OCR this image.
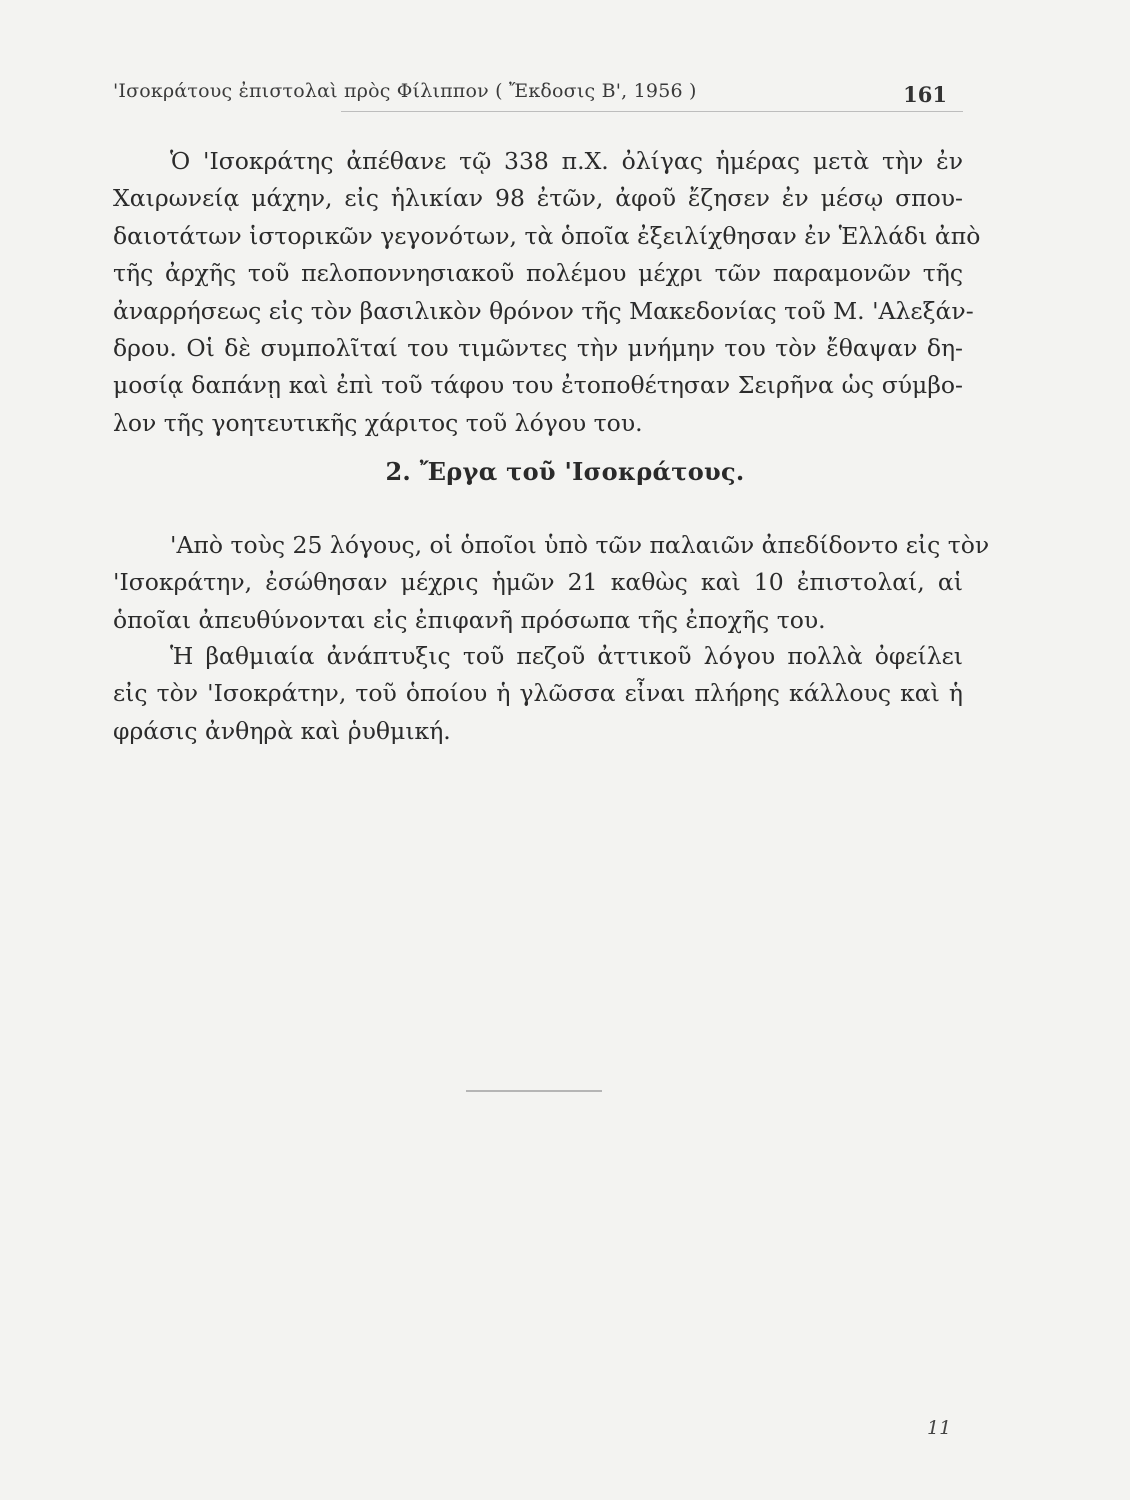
'Ισοκράτους ἐπιστολαὶ πρὸς Φίλιππον ( Ἔκδοσις Β', 1956 )	161
Ὁ 'Ισοκράτης ἀπέθανε τῷ 338 π.Χ. ὀλίγας ἡμέρας μετὰ τὴν ἐν
Χαιρωνείᾳ μάχην, εἰς ἡλικίαν 98 ἐτῶν, ἀφοῦ ἔζησεν ἐν μέσῳ σπου-
δαιοτάτων ἱστορικῶν γεγονότων, τὰ ὁποῖα ἐξειλίχθησαν ἐν Ἑλλάδι ἀπὸ
τῆς ἀρχῆς τοῦ πελοποννησιακοῦ πολέμου μέχρι τῶν παραμονῶν τῆς
ἀναρρήσεως εἰς τὸν βασιλικὸν θρόνον τῆς Μακεδονίας τοῦ Μ. 'Αλεξάν-
δρου. Οἱ δὲ συμπολῖταί του τιμῶντες τὴν μνήμην του τὸν ἔθαψαν δη-
μοσίᾳ δαπάνῃ καὶ ἐπὶ τοῦ τάφου του ἐτοποθέτησαν Σειρῆνα ὡς σύμβο-
λον τῆς γοητευτικῆς χάριτος τοῦ λόγου του.
2. Ἔργα τοῦ 'Ισοκράτους.
'Απὸ τοὺς 25 λόγους, οἱ ὁποῖοι ὑπὸ τῶν παλαιῶν ἀπεδίδοντο εἰς τὸν
'Ισοκράτην, ἐσώθησαν μέχρις ἡμῶν 21 καθὼς καὶ 10 ἐπιστολαί, αἱ
ὁποῖαι ἀπευθύνονται εἰς ἐπιφανῆ πρόσωπα τῆς ἐποχῆς του.
Ἡ βαθμιαία ἀνάπτυξις τοῦ πεζοῦ ἀττικοῦ λόγου πολλὰ ὀφείλει
εἰς τὸν 'Ισοκράτην, τοῦ ὁποίου ἡ γλῶσσα εἶναι πλήρης κάλλους καὶ ἡ
φράσις ἀνθηρὰ καὶ ῥυθμική.
11
